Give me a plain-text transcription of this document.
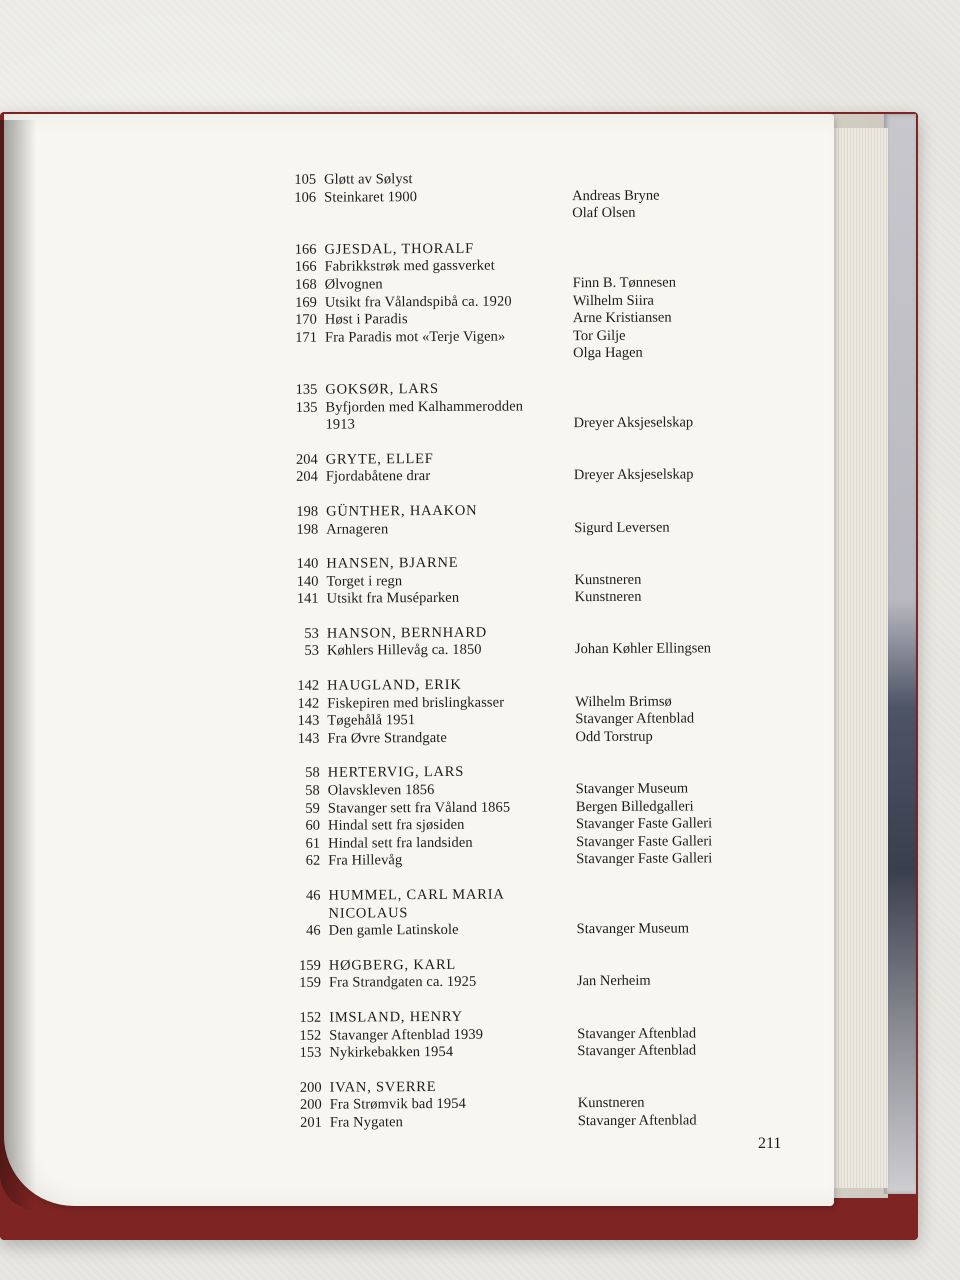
105 Gløtt av Sølyst
106 Steinkaret 1900	Andreas Bryne
Olaf Olsen
166 GJESDAL, THORALF
166 Fabrikkstrøk med gassverket
168 Ølvognen	Finn B. Tønnesen
169 Utsikt fra Vålandspibå ca. 1920	Wilhelm Siira
170 Høst i Paradis	Arne Kristiansen
171 Fra Paradis mot «Terje Vigen»	Tor Gilje
Olga Hagen
135 GOKSØR, LARS
135 Byfjorden med Kalhammerodden
1913	Dreyer Aksjeselskap
204 GRYTE, ELLEF
204 Fjordabåtene drar	Dreyer Aksjeselskap
198 GÜNTHER, HAAKON
198 Arnageren	Sigurd Leversen
140 HANSEN, BJARNE
140 Torget i regn	Kunstneren
141 Utsikt fra Muséparken	Kunstneren
53 HANSON, BERNHARD
53 Køhlers Hillevåg ca. 1850	Johan Køhler Ellingsen
142 HAUGLAND, ERIK
142 Fiskepiren med brislingkasser	Wilhelm Brimsø
143 Tøgehålå 1951	Stavanger Aftenblad
143 Fra Øvre Strandgate	Odd Torstrup
58 HERTERVIG, LARS
58 Olavskleven 1856	Stavanger Museum
59 Stavanger sett fra Våland 1865	Bergen Billedgalleri
60 Hindal sett fra sjøsiden	Stavanger Faste Galleri
61 Hindal sett fra landsiden	Stavanger Faste Galleri
62 Fra Hillevåg	Stavanger Faste Galleri
46 HUMMEL, CARL MARIA
NICOLAUS
46 Den gamle Latinskole	Stavanger Museum
159 HØGBERG, KARL
159 Fra Strandgaten ca. 1925	Jan Nerheim
152 IMSLAND, HENRY
152 Stavanger Aftenblad 1939	Stavanger Aftenblad
153 Nykirkebakken 1954	Stavanger Aftenblad
200 IVAN, SVERRE
200 Fra Strømvik bad 1954	Kunstneren
201 Fra Nygaten	Stavanger Aftenblad
211
